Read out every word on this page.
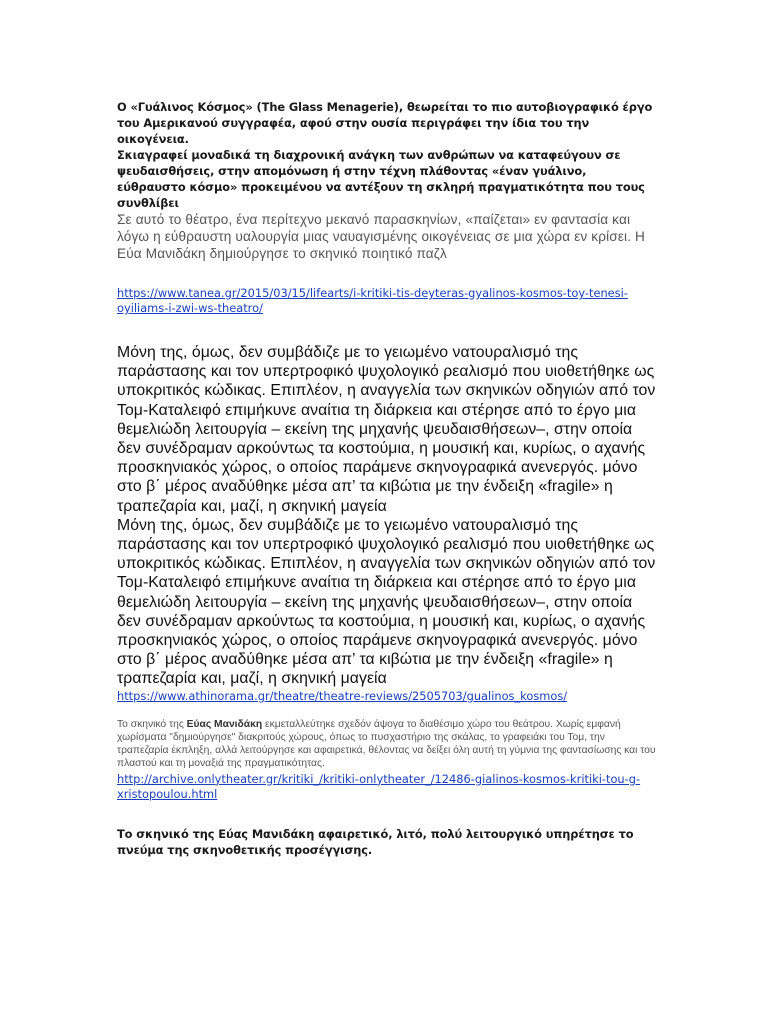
Ο «Γυάλινος Κόσμος» (The Glass Menagerie), θεωρείται το πιο αυτοβιογραφικό έργο του Αμερικανού συγγραφέα, αφού στην ουσία περιγράφει την ίδια του την οικογένεια.

Σκιαγραφεί μοναδικά τη διαχρονική ανάγκη των ανθρώπων να καταφεύγουν σε ψευδαισθήσεις, στην απομόνωση ή στην τέχνη πλάθοντας «έναν γυάλινο, εύθραυστο κόσμο» προκειμένου να αντέξουν τη σκληρή πραγματικότητα που τους συνθλίβει

Σε αυτό το θέατρο, ένα περίτεχνο μεκανό παρασκηνίων, «παίζεται» εν φαντασία και λόγω η εύθραυστη υαλουργία μιας ναυαγισμένης οικογένειας σε μια χώρα εν κρίσει. Η Εύα Μανιδάκη δημιούργησε το σκηνικό ποιητικό παζλ

https://www.tanea.gr/2015/03/15/lifearts/i-kritiki-tis-deyteras-gyalinos-kosmos-toy-tenesi-oyiliams-i-zwi-ws-theatro/

Μόνη της, όμως, δεν συμβάδιζε με το γειωμένο νατουραλισμό της παράστασης και τον υπερτροφικό ψυχολογικό ρεαλισμό που υιοθετήθηκε ως υποκριτικός κώδικας. Επιπλέον, η αναγγελία των σκηνικών οδηγιών από τον Τομ-Καταλειφό επιμήκυνε αναίτια τη διάρκεια και στέρησε από το έργο μια θεμελιώδη λειτουργία – εκείνη της μηχανής ψευδαισθήσεων–, στην οποία δεν συνέδραμαν αρκούντως τα κοστούμια, η μουσική και, κυρίως, ο αχανής προσκηνιακός χώρος, ο οποίος παράμενε σκηνογραφικά ανενεργός. μόνο στο β΄ μέρος αναδύθηκε μέσα απ’ τα κιβώτια με την ένδειξη «fragile» η τραπεζαρία και, μαζί, η σκηνική μαγεία

Μόνη της, όμως, δεν συμβάδιζε με το γειωμένο νατουραλισμό της παράστασης και τον υπερτροφικό ψυχολογικό ρεαλισμό που υιοθετήθηκε ως υποκριτικός κώδικας. Επιπλέον, η αναγγελία των σκηνικών οδηγιών από τον Τομ-Καταλειφό επιμήκυνε αναίτια τη διάρκεια και στέρησε από το έργο μια θεμελιώδη λειτουργία – εκείνη της μηχανής ψευδαισθήσεων–, στην οποία δεν συνέδραμαν αρκούντως τα κοστούμια, η μουσική και, κυρίως, ο αχανής προσκηνιακός χώρος, ο οποίος παράμενε σκηνογραφικά ανενεργός. μόνο στο β΄ μέρος αναδύθηκε μέσα απ’ τα κιβώτια με την ένδειξη «fragile» η τραπεζαρία και, μαζί, η σκηνική μαγεία

https://www.athinorama.gr/theatre/theatre-reviews/2505703/gualinos_kosmos/

Το σκηνικό της Εύας Μανιδάκη εκμεταλλεύτηκε σχεδόν άψογα το διαθέσιμο χώρο του θεάτρου. Χωρίς εμφανή χωρίσματα "δημιούργησε" διακριτούς χώρους, όπως το πυσχαστήριο της σκάλας, το γραφειάκι του Τομ, την τραπεζαρία έκπληξη, αλλά λειτούργησε και αφαιρετικά, θέλοντας να δείξει όλη αυτή τη γύμνια της φαντασίωσης και του πλαστού και τη μοναξιά της πραγματικότητας.

http://archive.onlytheater.gr/kritiki_/kritiki-onlytheater_/12486-gialinos-kosmos-kritiki-tou-g-xristopoulou.html

Το σκηνικό της Εύας Μανιδάκη αφαιρετικό, λιτό, πολύ λειτουργικό υπηρέτησε το πνεύμα της σκηνοθετικής προσέγγισης.
